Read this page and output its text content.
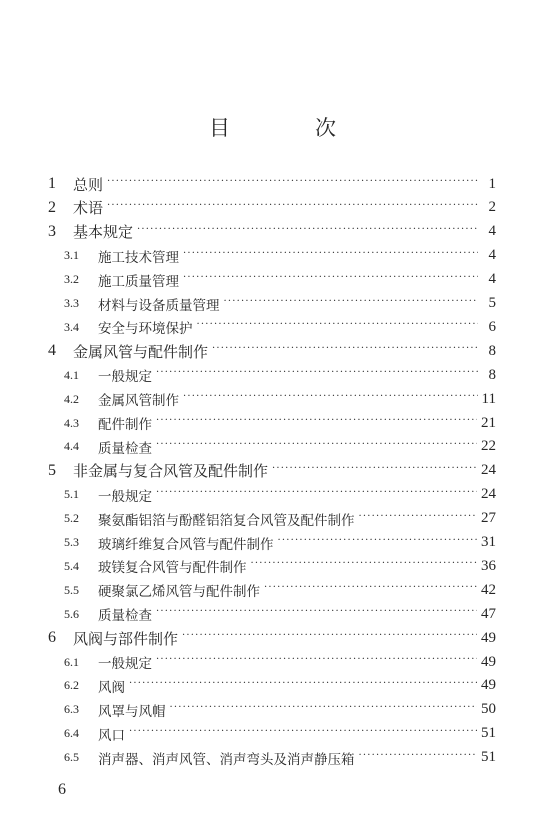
目　次
1	总则 ·····	1
2	术语 ·····	2
3	基本规定 ·····	4
3.1	施工技术管理 ·····	4
3.2	施工质量管理 ·····	4
3.3	材料与设备质量管理 ·····	5
3.4	安全与环境保护 ·····	6
4	金属风管与配件制作 ·····	8
4.1	一般规定 ·····	8
4.2	金属风管制作 ·····	11
4.3	配件制作 ·····	21
4.4	质量检查 ·····	22
5	非金属与复合风管及配件制作 ·····	24
5.1	一般规定 ·····	24
5.2	聚氨酯铝箔与酚醛铝箔复合风管及配件制作 ·····	27
5.3	玻璃纤维复合风管与配件制作 ·····	31
5.4	玻镁复合风管与配件制作 ·····	36
5.5	硬聚氯乙烯风管与配件制作 ·····	42
5.6	质量检查 ·····	47
6	风阀与部件制作 ·····	49
6.1	一般规定 ·····	49
6.2	风阀 ·····	49
6.3	风罩与风帽 ·····	50
6.4	风口 ·····	51
6.5	消声器、消声风管、消声弯头及消声静压箱 ·····	51
6
